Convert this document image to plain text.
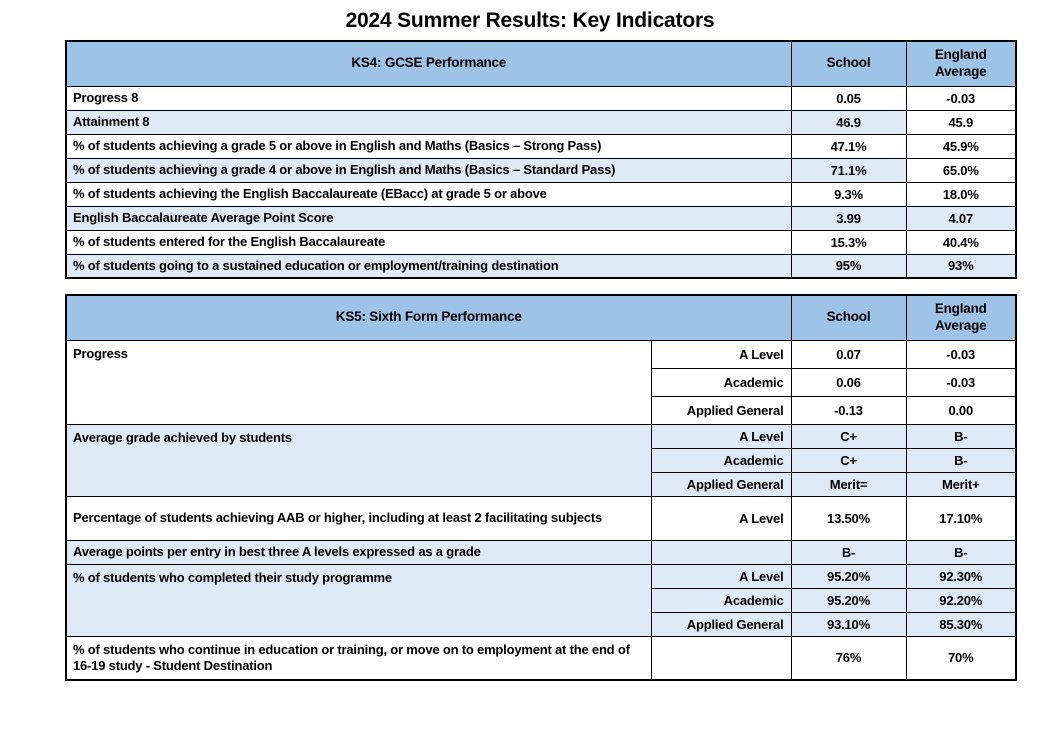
2024 Summer Results: Key Indicators
KS4: GCSE Performance	School	England Average
Progress 8	0.05	-0.03
Attainment 8	46.9	45.9
% of students achieving a grade 5 or above in English and Maths (Basics – Strong Pass)	47.1%	45.9%
% of students achieving a grade 4 or above in English and Maths (Basics – Standard Pass)	71.1%	65.0%
% of students achieving the English Baccalaureate (EBacc) at grade 5 or above	9.3%	18.0%
English Baccalaureate Average Point Score	3.99	4.07
% of students entered for the English Baccalaureate	15.3%	40.4%
% of students going to a sustained education or employment/training destination	95%	93%
KS5: Sixth Form Performance		School	England Average
Progress	A Level	0.07	-0.03
	Academic	0.06	-0.03
	Applied General	-0.13	0.00
Average grade achieved by students	A Level	C+	B-
	Academic	C+	B-
	Applied General	Merit=	Merit+
Percentage of students achieving AAB or higher, including at least 2 facilitating subjects	A Level	13.50%	17.10%
Average points per entry in best three A levels expressed as a grade		B-	B-
% of students who completed their study programme	A Level	95.20%	92.30%
	Academic	95.20%	92.20%
	Applied General	93.10%	85.30%
% of students who continue in education or training, or move on to employment at the end of 16-19 study - Student Destination		76%	70%
